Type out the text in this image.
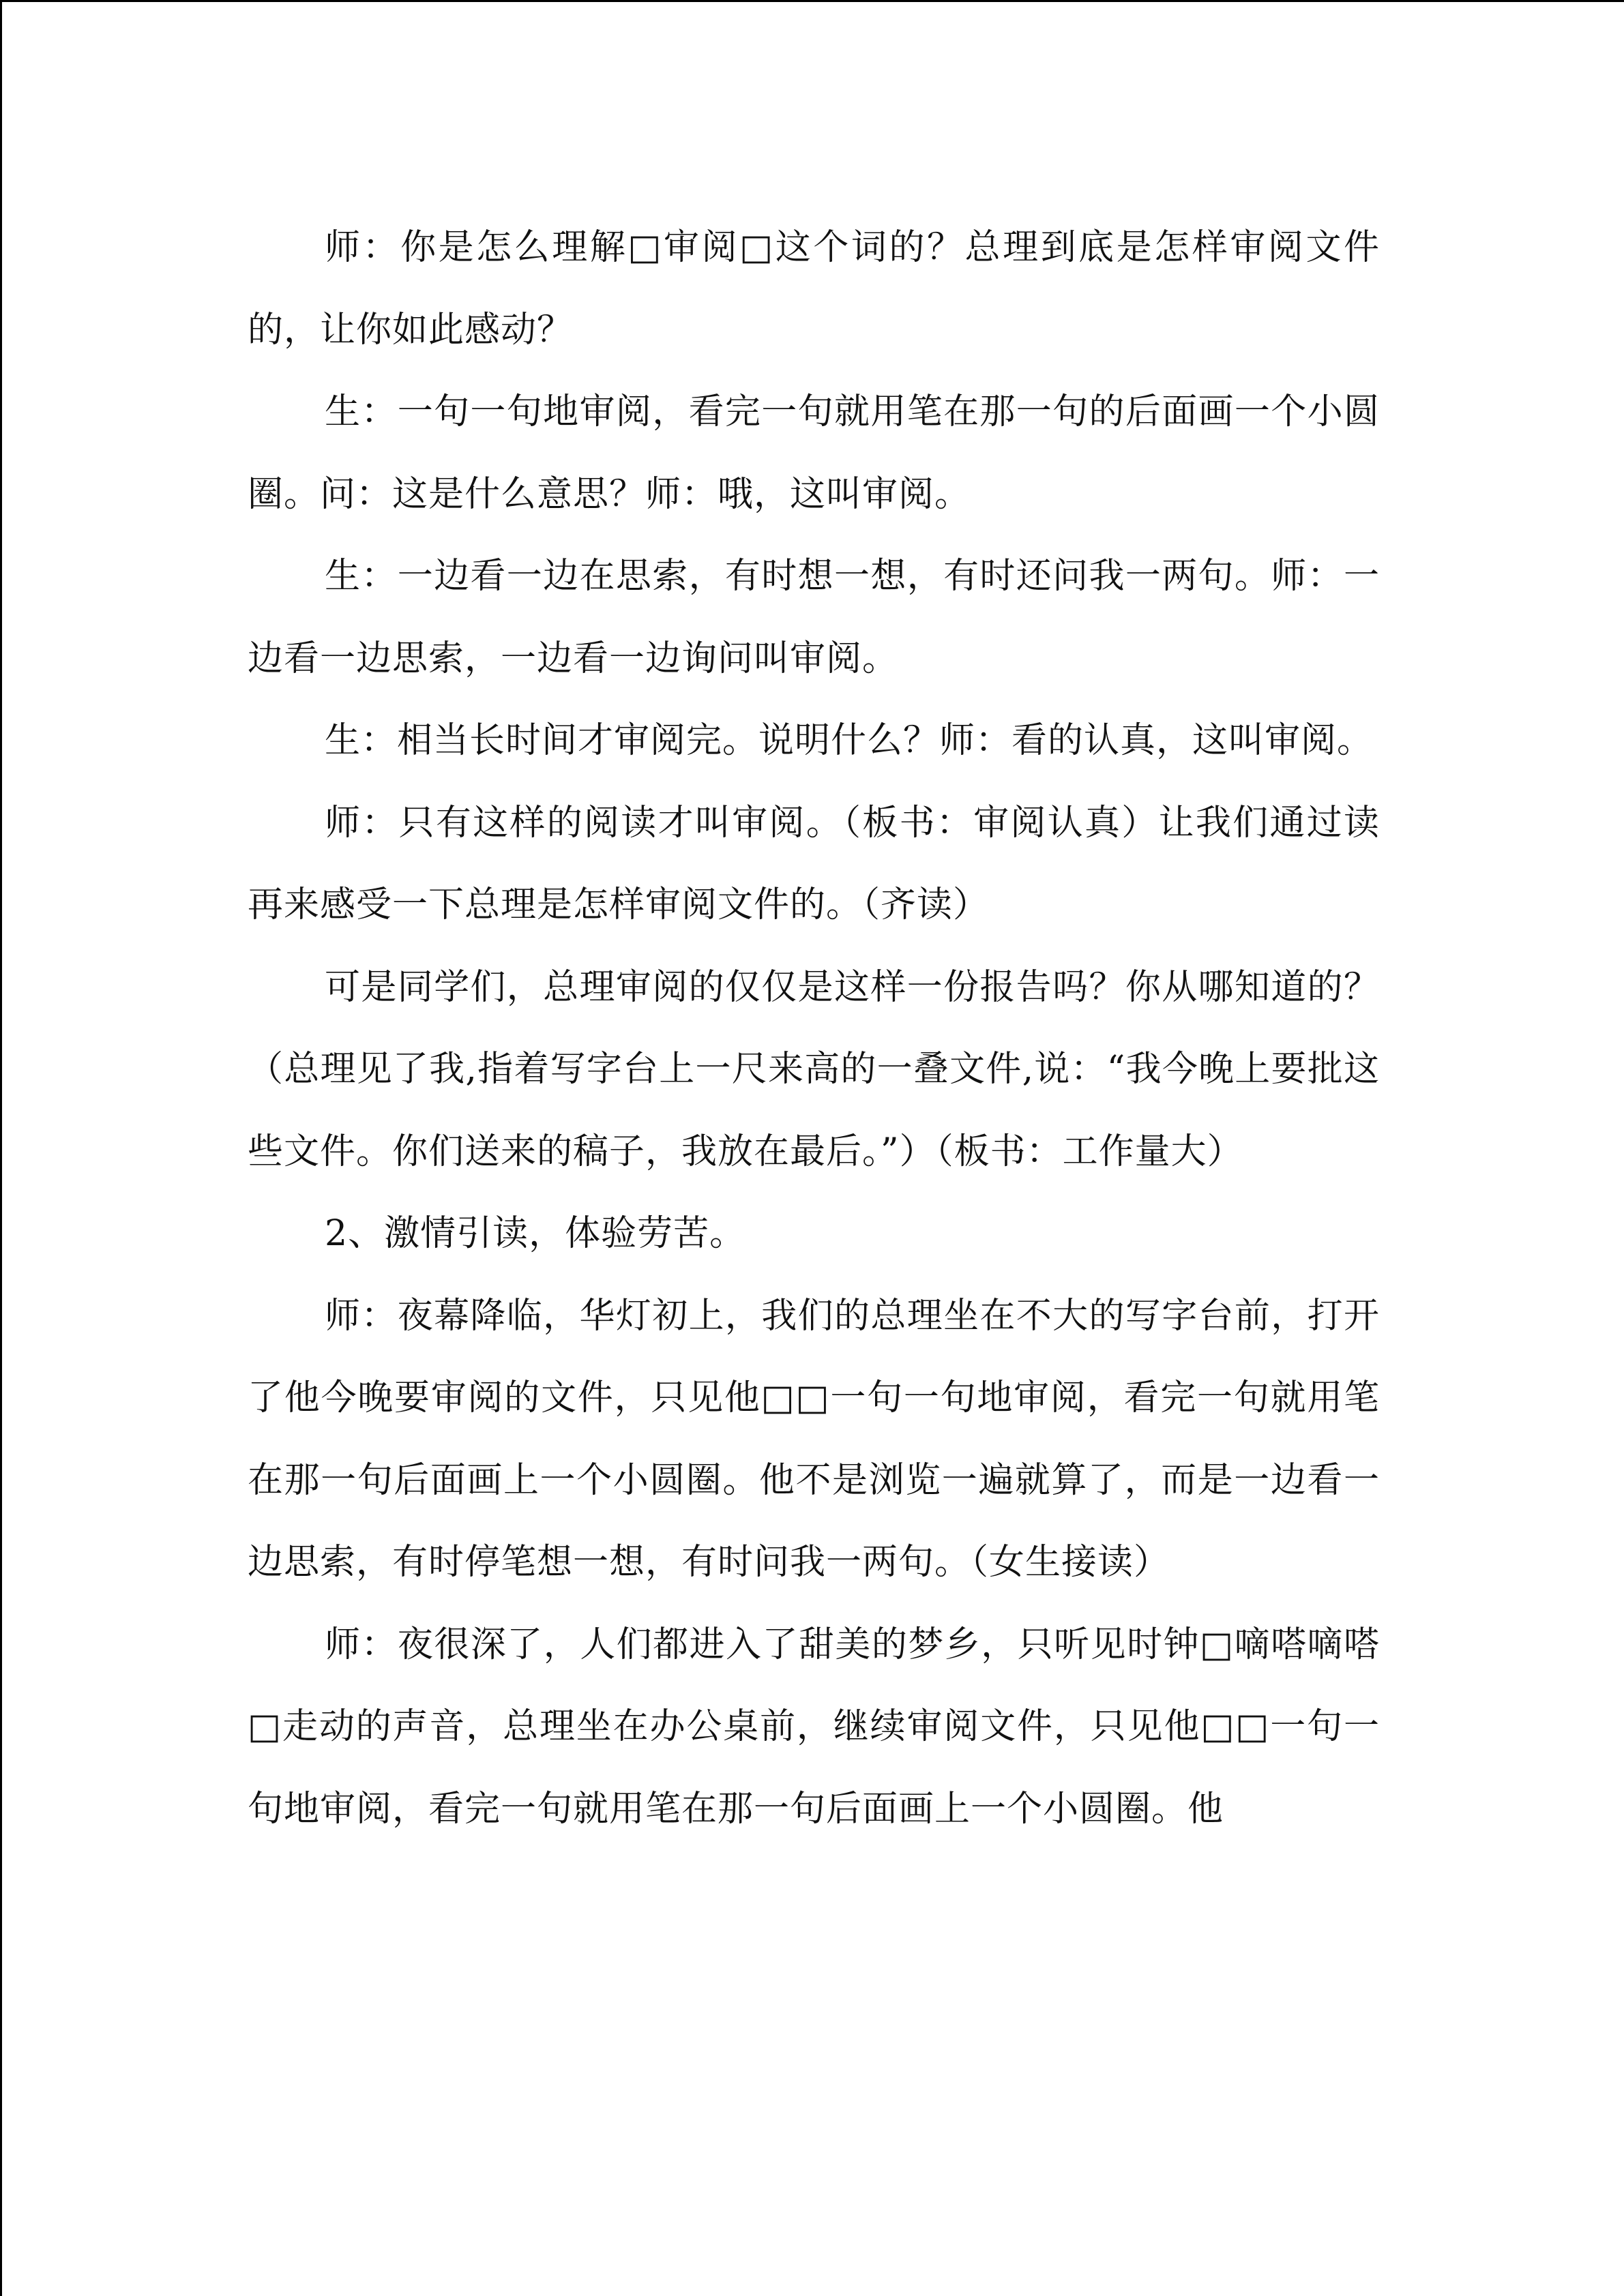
师：你是怎么理解□审阅□这个词的？总理到底是怎样审阅文件的，让你如此感动？

生：一句一句地审阅，看完一句就用笔在那一句的后面画一个小圆圈。问：这是什么意思？师：哦，这叫审阅。

生：一边看一边在思索，有时想一想，有时还问我一两句。师：一边看一边思索，一边看一边询问叫审阅。

生：相当长时间才审阅完。说明什么？师：看的认真，这叫审阅。

师：只有这样的阅读才叫审阅。（板书：审阅认真）让我们通过读再来感受一下总理是怎样审阅文件的。（齐读）

可是同学们，总理审阅的仅仅是这样一份报告吗？你从哪知道的？（总理见了我,指着写字台上一尺来高的一叠文件,说：“我今晚上要批这些文件。你们送来的稿子，我放在最后。”）（板书：工作量大）

2、激情引读，体验劳苦。

师：夜幕降临，华灯初上，我们的总理坐在不大的写字台前，打开了他今晚要审阅的文件，只见他□□一句一句地审阅，看完一句就用笔在那一句后面画上一个小圆圈。他不是浏览一遍就算了，而是一边看一边思索，有时停笔想一想，有时问我一两句。（女生接读）

师：夜很深了，人们都进入了甜美的梦乡，只听见时钟□嘀嗒嘀嗒□走动的声音，总理坐在办公桌前，继续审阅文件，只见他□□一句一句地审阅，看完一句就用笔在那一句后面画上一个小圆圈。他
